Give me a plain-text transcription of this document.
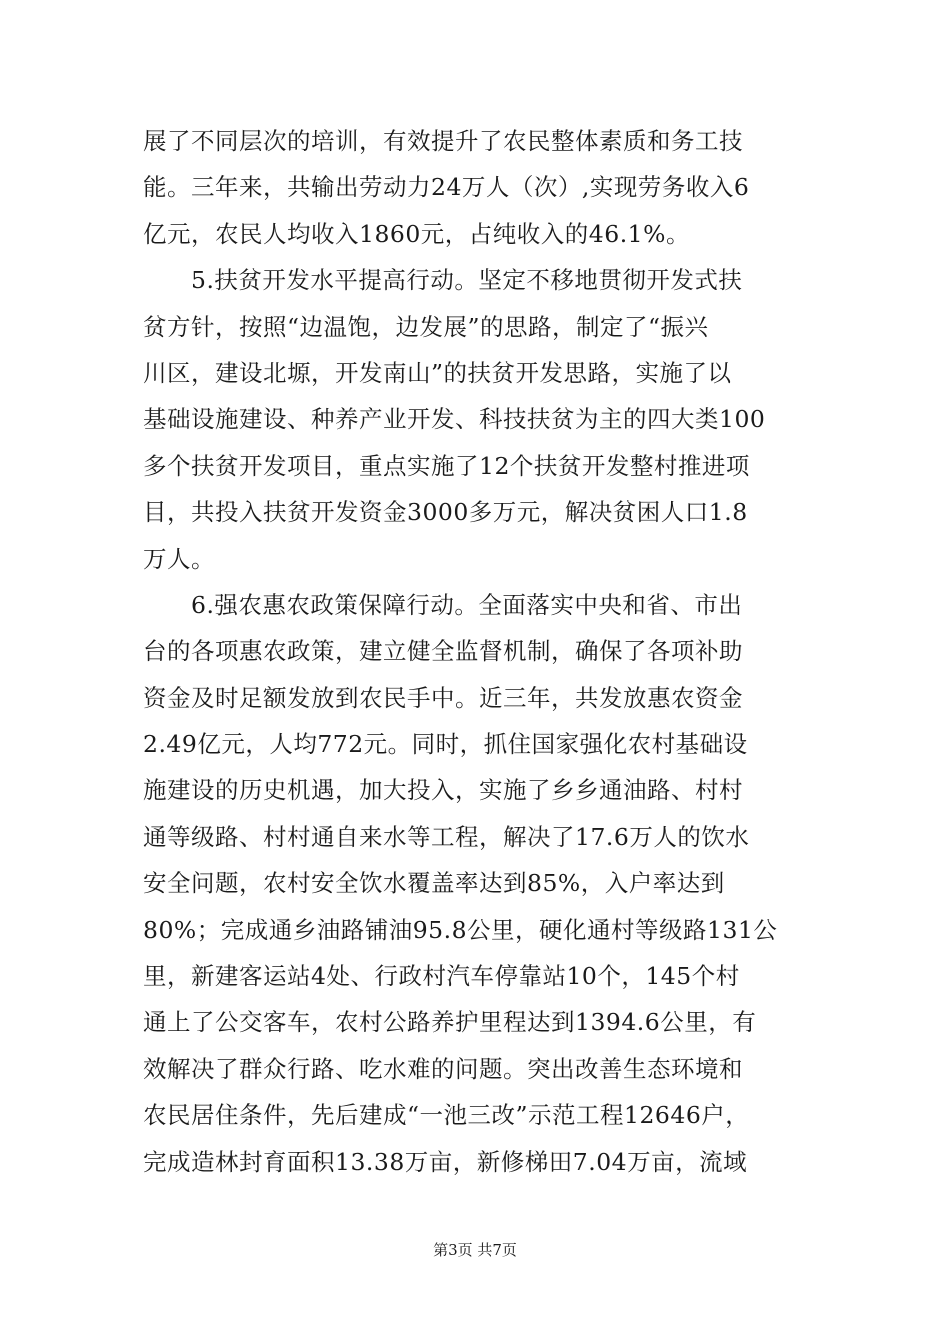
展了不同层次的培训，有效提升了农民整体素质和务工技
能。三年来，共输出劳动力24万人（次）,实现劳务收入6
亿元，农民人均收入1860元，占纯收入的46.1%。
5.扶贫开发水平提高行动。坚定不移地贯彻开发式扶
贫方针，按照“边温饱，边发展”的思路，制定了“振兴
川区，建设北塬，开发南山”的扶贫开发思路，实施了以
基础设施建设、种养产业开发、科技扶贫为主的四大类100
多个扶贫开发项目，重点实施了12个扶贫开发整村推进项
目，共投入扶贫开发资金3000多万元，解决贫困人口1.8
万人。
6.强农惠农政策保障行动。全面落实中央和省、市出
台的各项惠农政策，建立健全监督机制，确保了各项补助
资金及时足额发放到农民手中。近三年，共发放惠农资金
2.49亿元，人均772元。同时，抓住国家强化农村基础设
施建设的历史机遇，加大投入，实施了乡乡通油路、村村
通等级路、村村通自来水等工程，解决了17.6万人的饮水
安全问题，农村安全饮水覆盖率达到85%，入户率达到
80%；完成通乡油路铺油95.8公里，硬化通村等级路131公
里，新建客运站4处、行政村汽车停靠站10个，145个村
通上了公交客车，农村公路养护里程达到1394.6公里，有
效解决了群众行路、吃水难的问题。突出改善生态环境和
农民居住条件，先后建成“一池三改”示范工程12646户，
完成造林封育面积13.38万亩，新修梯田7.04万亩，流域
第3页 共7页
